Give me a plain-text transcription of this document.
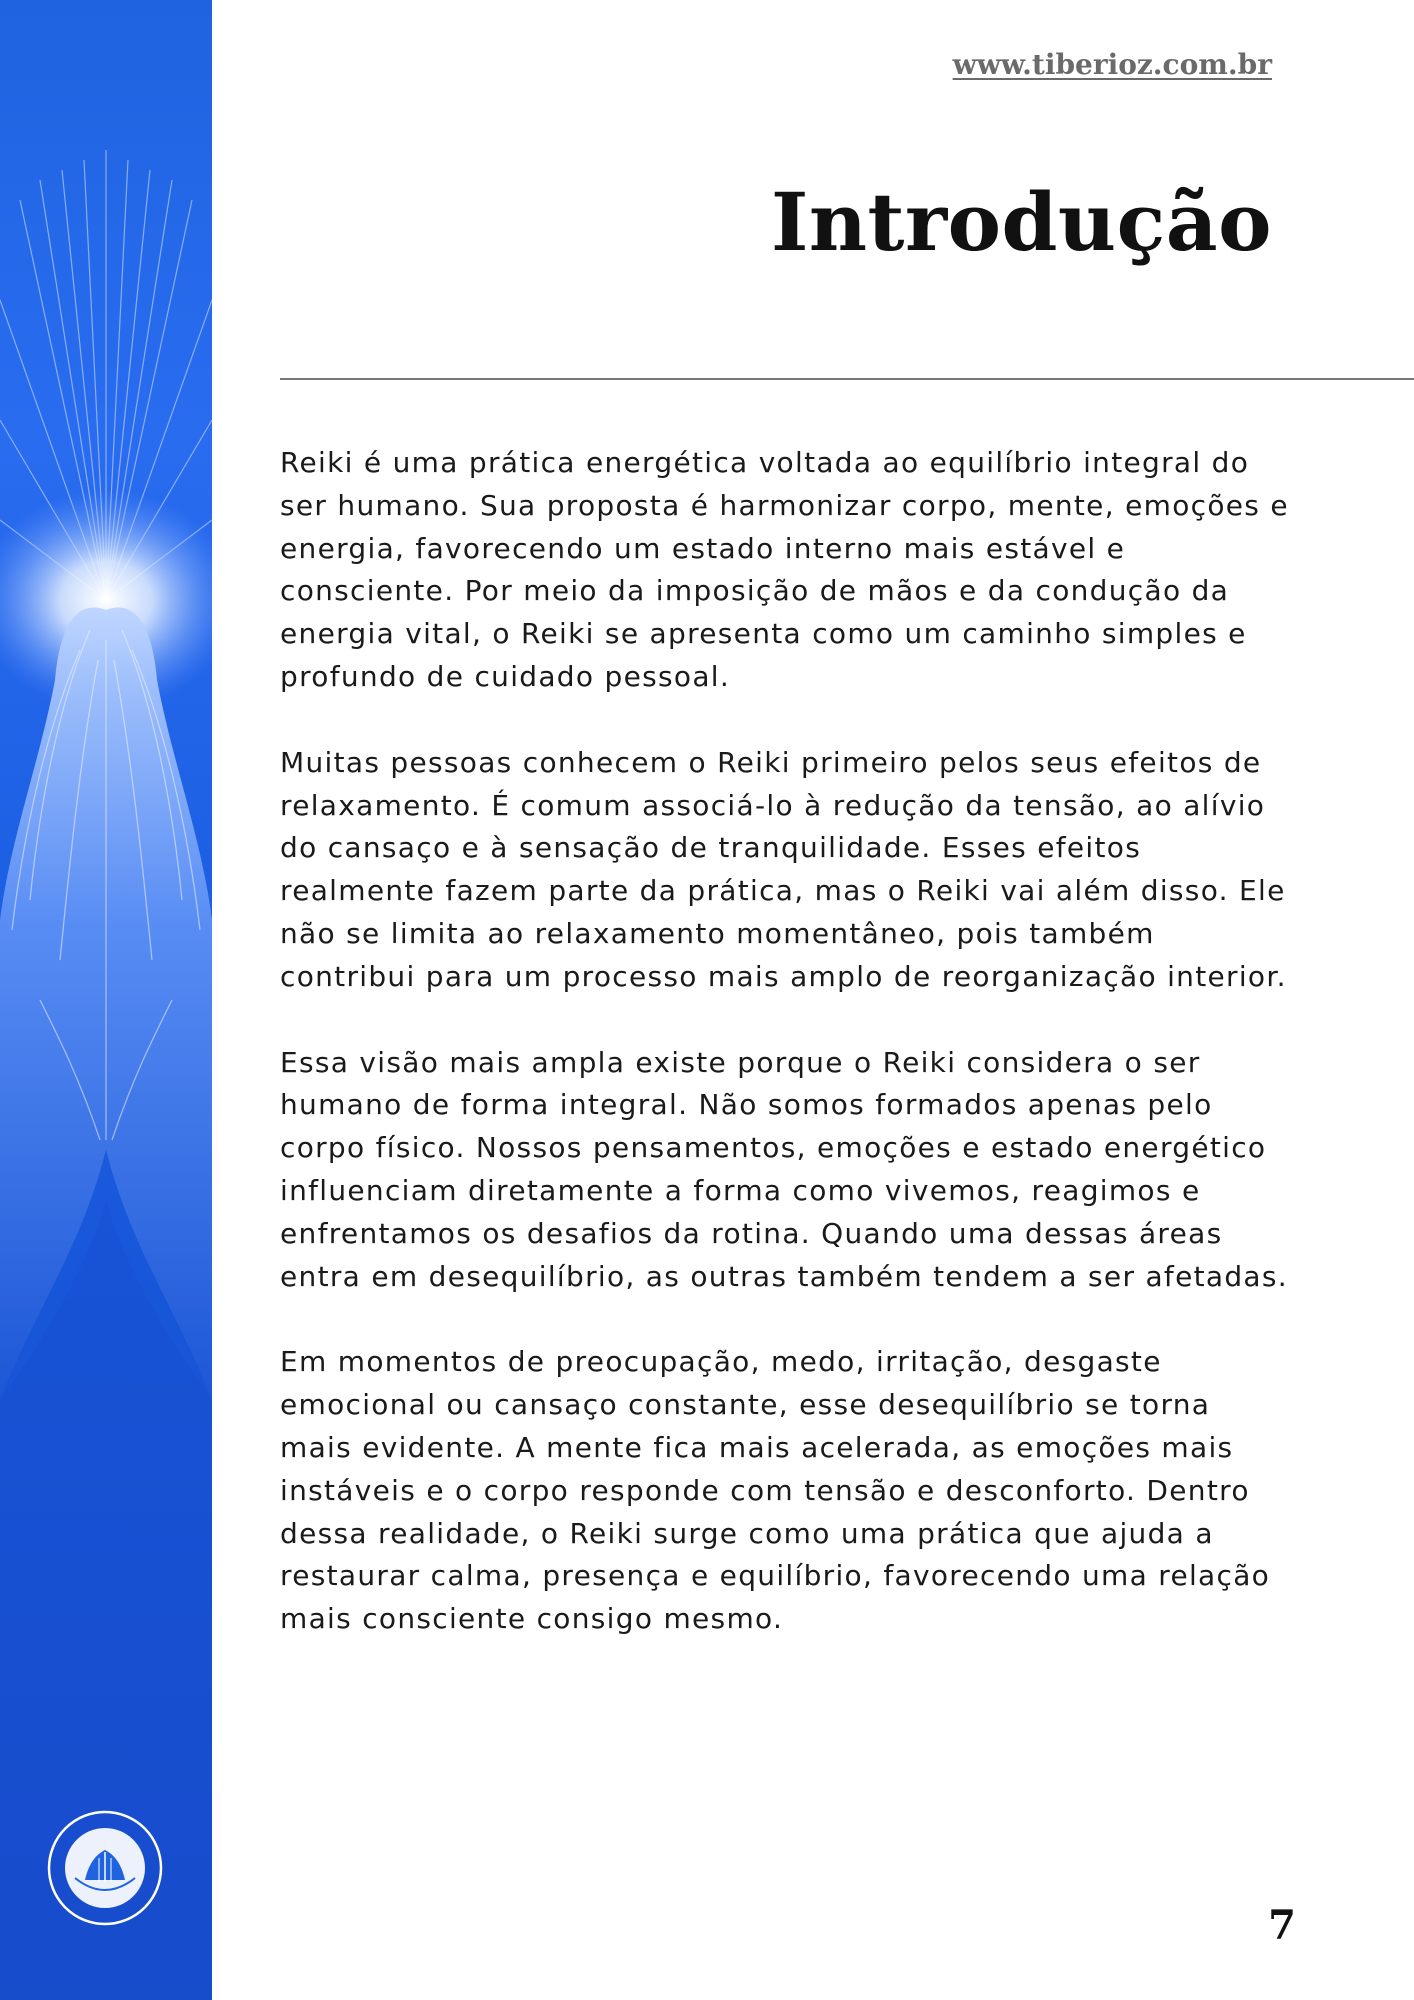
www.tiberioz.com.br
Introdução

Reiki é uma prática energética voltada ao equilíbrio integral do ser humano. Sua proposta é harmonizar corpo, mente, emoções e energia, favorecendo um estado interno mais estável e consciente. Por meio da imposição de mãos e da condução da energia vital, o Reiki se apresenta como um caminho simples e profundo de cuidado pessoal.

Muitas pessoas conhecem o Reiki primeiro pelos seus efeitos de relaxamento. É comum associá-lo à redução da tensão, ao alívio do cansaço e à sensação de tranquilidade. Esses efeitos realmente fazem parte da prática, mas o Reiki vai além disso. Ele não se limita ao relaxamento momentâneo, pois também contribui para um processo mais amplo de reorganização interior.

Essa visão mais ampla existe porque o Reiki considera o ser humano de forma integral. Não somos formados apenas pelo corpo físico. Nossos pensamentos, emoções e estado energético influenciam diretamente a forma como vivemos, reagimos e enfrentamos os desafios da rotina. Quando uma dessas áreas entra em desequilíbrio, as outras também tendem a ser afetadas.

Em momentos de preocupação, medo, irritação, desgaste emocional ou cansaço constante, esse desequilíbrio se torna mais evidente. A mente fica mais acelerada, as emoções mais instáveis e o corpo responde com tensão e desconforto. Dentro dessa realidade, o Reiki surge como uma prática que ajuda a restaurar calma, presença e equilíbrio, favorecendo uma relação mais consciente consigo mesmo.

7
